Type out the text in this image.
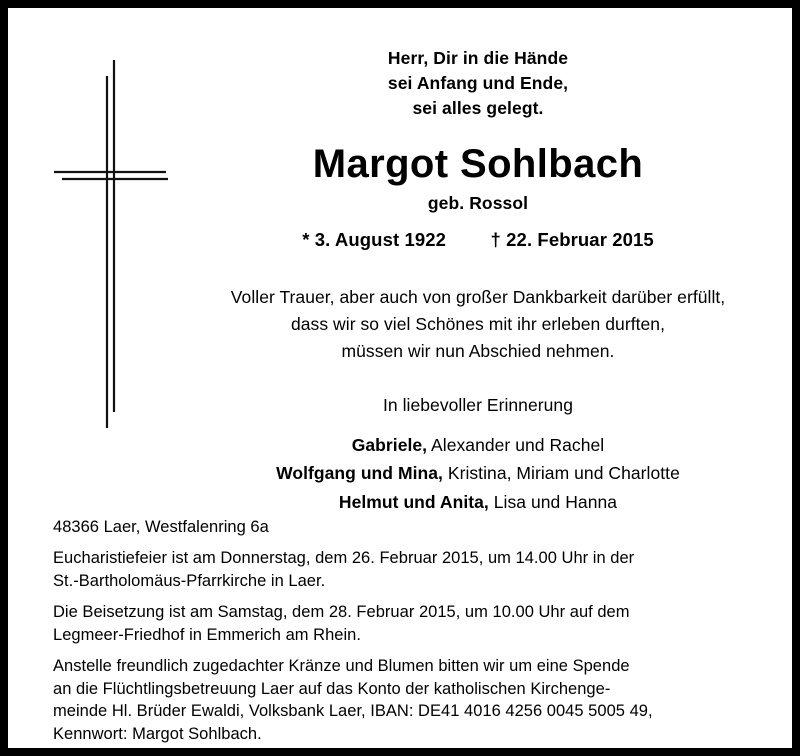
Herr, Dir in die Hände
sei Anfang und Ende,
sei alles gelegt.
Margot Sohlbach
geb. Rossol
* 3. August 1922 † 22. Februar 2015
Voller Trauer, aber auch von großer Dankbarkeit darüber erfüllt,
dass wir so viel Schönes mit ihr erleben durften,
müssen wir nun Abschied nehmen.
In liebevoller Erinnerung
Gabriele, Alexander und Rachel
Wolfgang und Mina, Kristina, Miriam und Charlotte
Helmut und Anita, Lisa und Hanna
48366 Laer, Westfalenring 6a
Eucharistiefeier ist am Donnerstag, dem 26. Februar 2015, um 14.00 Uhr in der
St.-Bartholomäus-Pfarrkirche in Laer.
Die Beisetzung ist am Samstag, dem 28. Februar 2015, um 10.00 Uhr auf dem
Legmeer-Friedhof in Emmerich am Rhein.
Anstelle freundlich zugedachter Kränze und Blumen bitten wir um eine Spende
an die Flüchtlingsbetreuung Laer auf das Konto der katholischen Kirchenge-
meinde Hl. Brüder Ewaldi, Volksbank Laer, IBAN: DE41 4016 4256 0045 5005 49,
Kennwort: Margot Sohlbach.
